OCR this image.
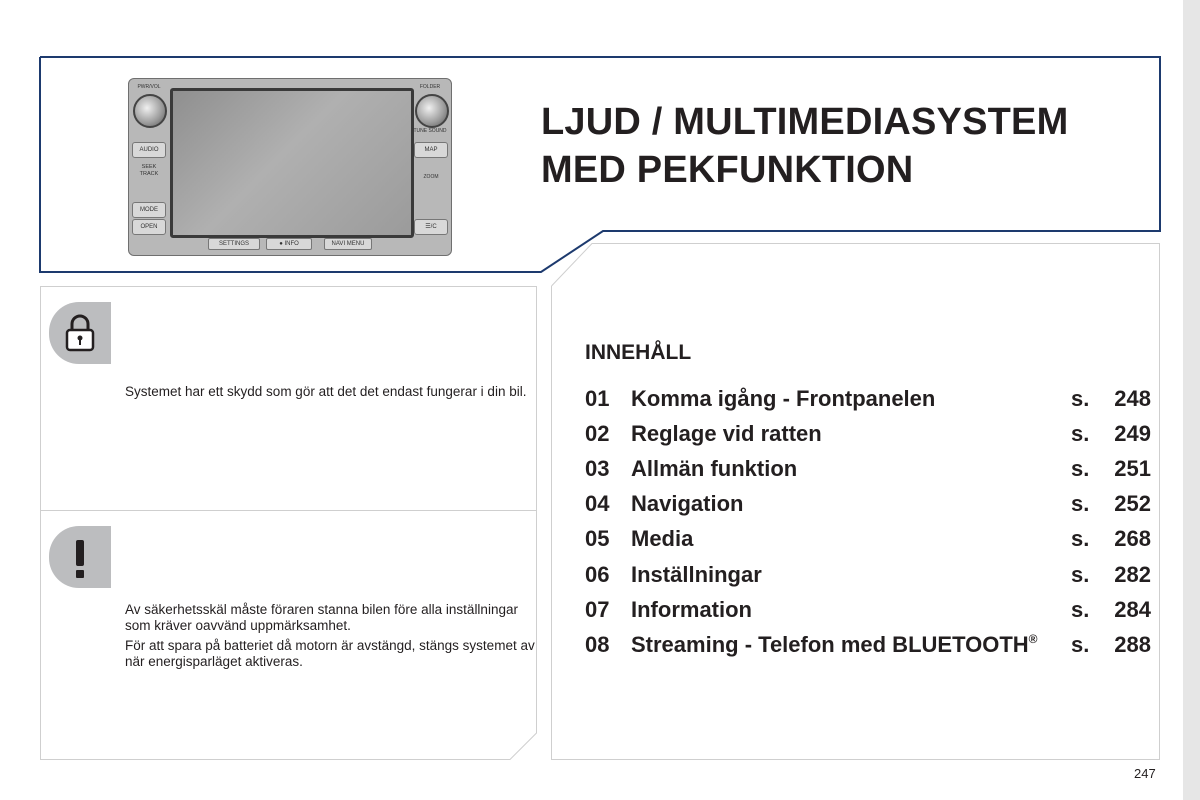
LJUD / MULTIMEDIASYSTEM
MED PEKFUNKTION
PWR/VOL	FOLDER
TUNE SOUND
AUDIO
SEEK TRACK
MODE
OPEN
MAP
ZOOM
☰/C
SETTINGS	● INFO	NAVI MENU

Systemet har ett skydd som gör att det det endast fungerar i din bil.

Av säkerhetsskäl måste föraren stanna bilen före alla inställningar som kräver oavvänd uppmärksamhet.

För att spara på batteriet då motorn är avstängd, stängs systemet av när energisparläget aktiveras.

INNEHÅLL
01 Komma igång - Frontpanelen	s. 248
02 Reglage vid ratten	s. 249
03 Allmän funktion	s. 251
04 Navigation	s. 252
05 Media	s. 268
06 Inställningar	s. 282
07 Information	s. 284
08 Streaming - Telefon med BLUETOOTH® s. 288
247
